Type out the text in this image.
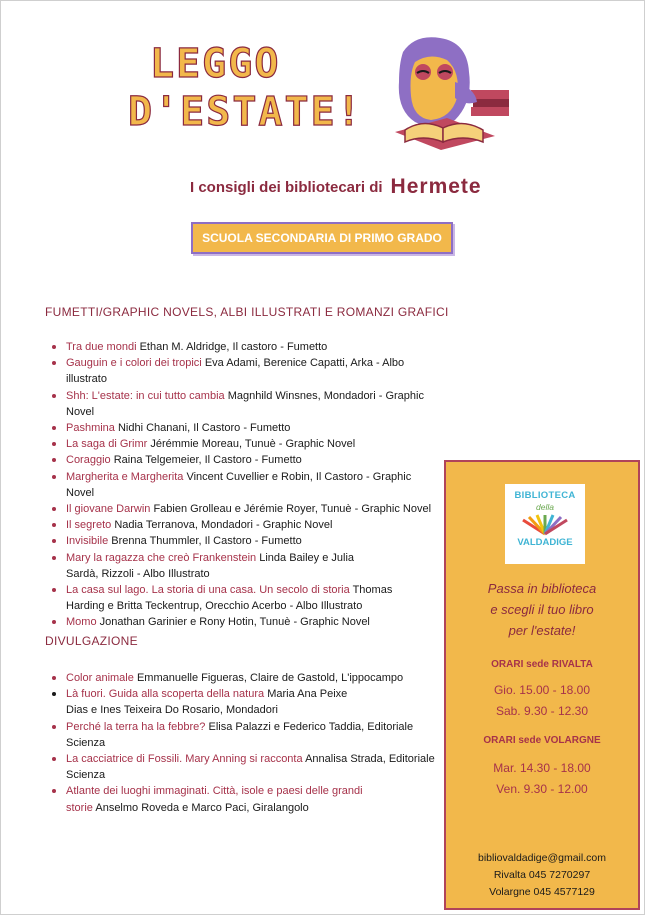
LEGGO
D'ESTATE!
I consigli dei bibliotecari di Hermete
SCUOLA SECONDARIA DI PRIMO GRADO
FUMETTI/GRAPHIC NOVELS, ALBI ILLUSTRATI E ROMANZI GRAFICI
Tra due mondi Ethan M. Aldridge, Il castoro - Fumetto
Gauguin e i colori dei tropici Eva Adami, Berenice Capatti, Arka - Albo illustrato
Shh: L'estate: in cui tutto cambia Magnhild Winsnes, Mondadori - Graphic Novel
Pashmina Nidhi Chanani, Il Castoro - Fumetto
La saga di Grimr Jérémmie Moreau, Tunuè - Graphic Novel
Coraggio Raina Telgemeier, Il Castoro - Fumetto
Margherita e Margherita Vincent Cuvellier e Robin, Il Castoro - Graphic Novel
Il giovane Darwin Fabien Grolleau e Jérémie Royer, Tunuè - Graphic Novel
Il segreto Nadia Terranova, Mondadori - Graphic Novel
Invisibile Brenna Thummler, Il Castoro - Fumetto
Mary la ragazza che creò Frankenstein Linda Bailey e Julia Sardà, Rizzoli - Albo Illustrato
La casa sul lago. La storia di una casa. Un secolo di storia Thomas Harding e Britta Teckentrup, Orecchio Acerbo - Albo Illustrato
Momo Jonathan Garinier e Rony Hotin, Tunuè - Graphic Novel
DIVULGAZIONE
Color animale Emmanuelle Figueras, Claire de Gastold, L'ippocampo
Là fuori. Guida alla scoperta della natura Maria Ana Peixe Dias e Ines Teixeira Do Rosario, Mondadori
Perché la terra ha la febbre? Elisa Palazzi e Federico Taddia, Editoriale Scienza
La cacciatrice di Fossili. Mary Anning si racconta Annalisa Strada, Editoriale Scienza
Atlante dei luoghi immaginati. Città, isole e paesi delle grandi storie Anselmo Roveda e Marco Paci, Giralangolo
BIBLIOTECA
della
VALDADIGE
Passa in biblioteca
e scegli il tuo libro
per l'estate!
ORARI sede RIVALTA
Gio. 15.00 - 18.00
Sab. 9.30 - 12.30
ORARI sede VOLARGNE
Mar. 14.30 - 18.00
Ven. 9.30 - 12.00
bibliovaldadige@gmail.com
Rivalta 045 7270297
Volargne 045 4577129
